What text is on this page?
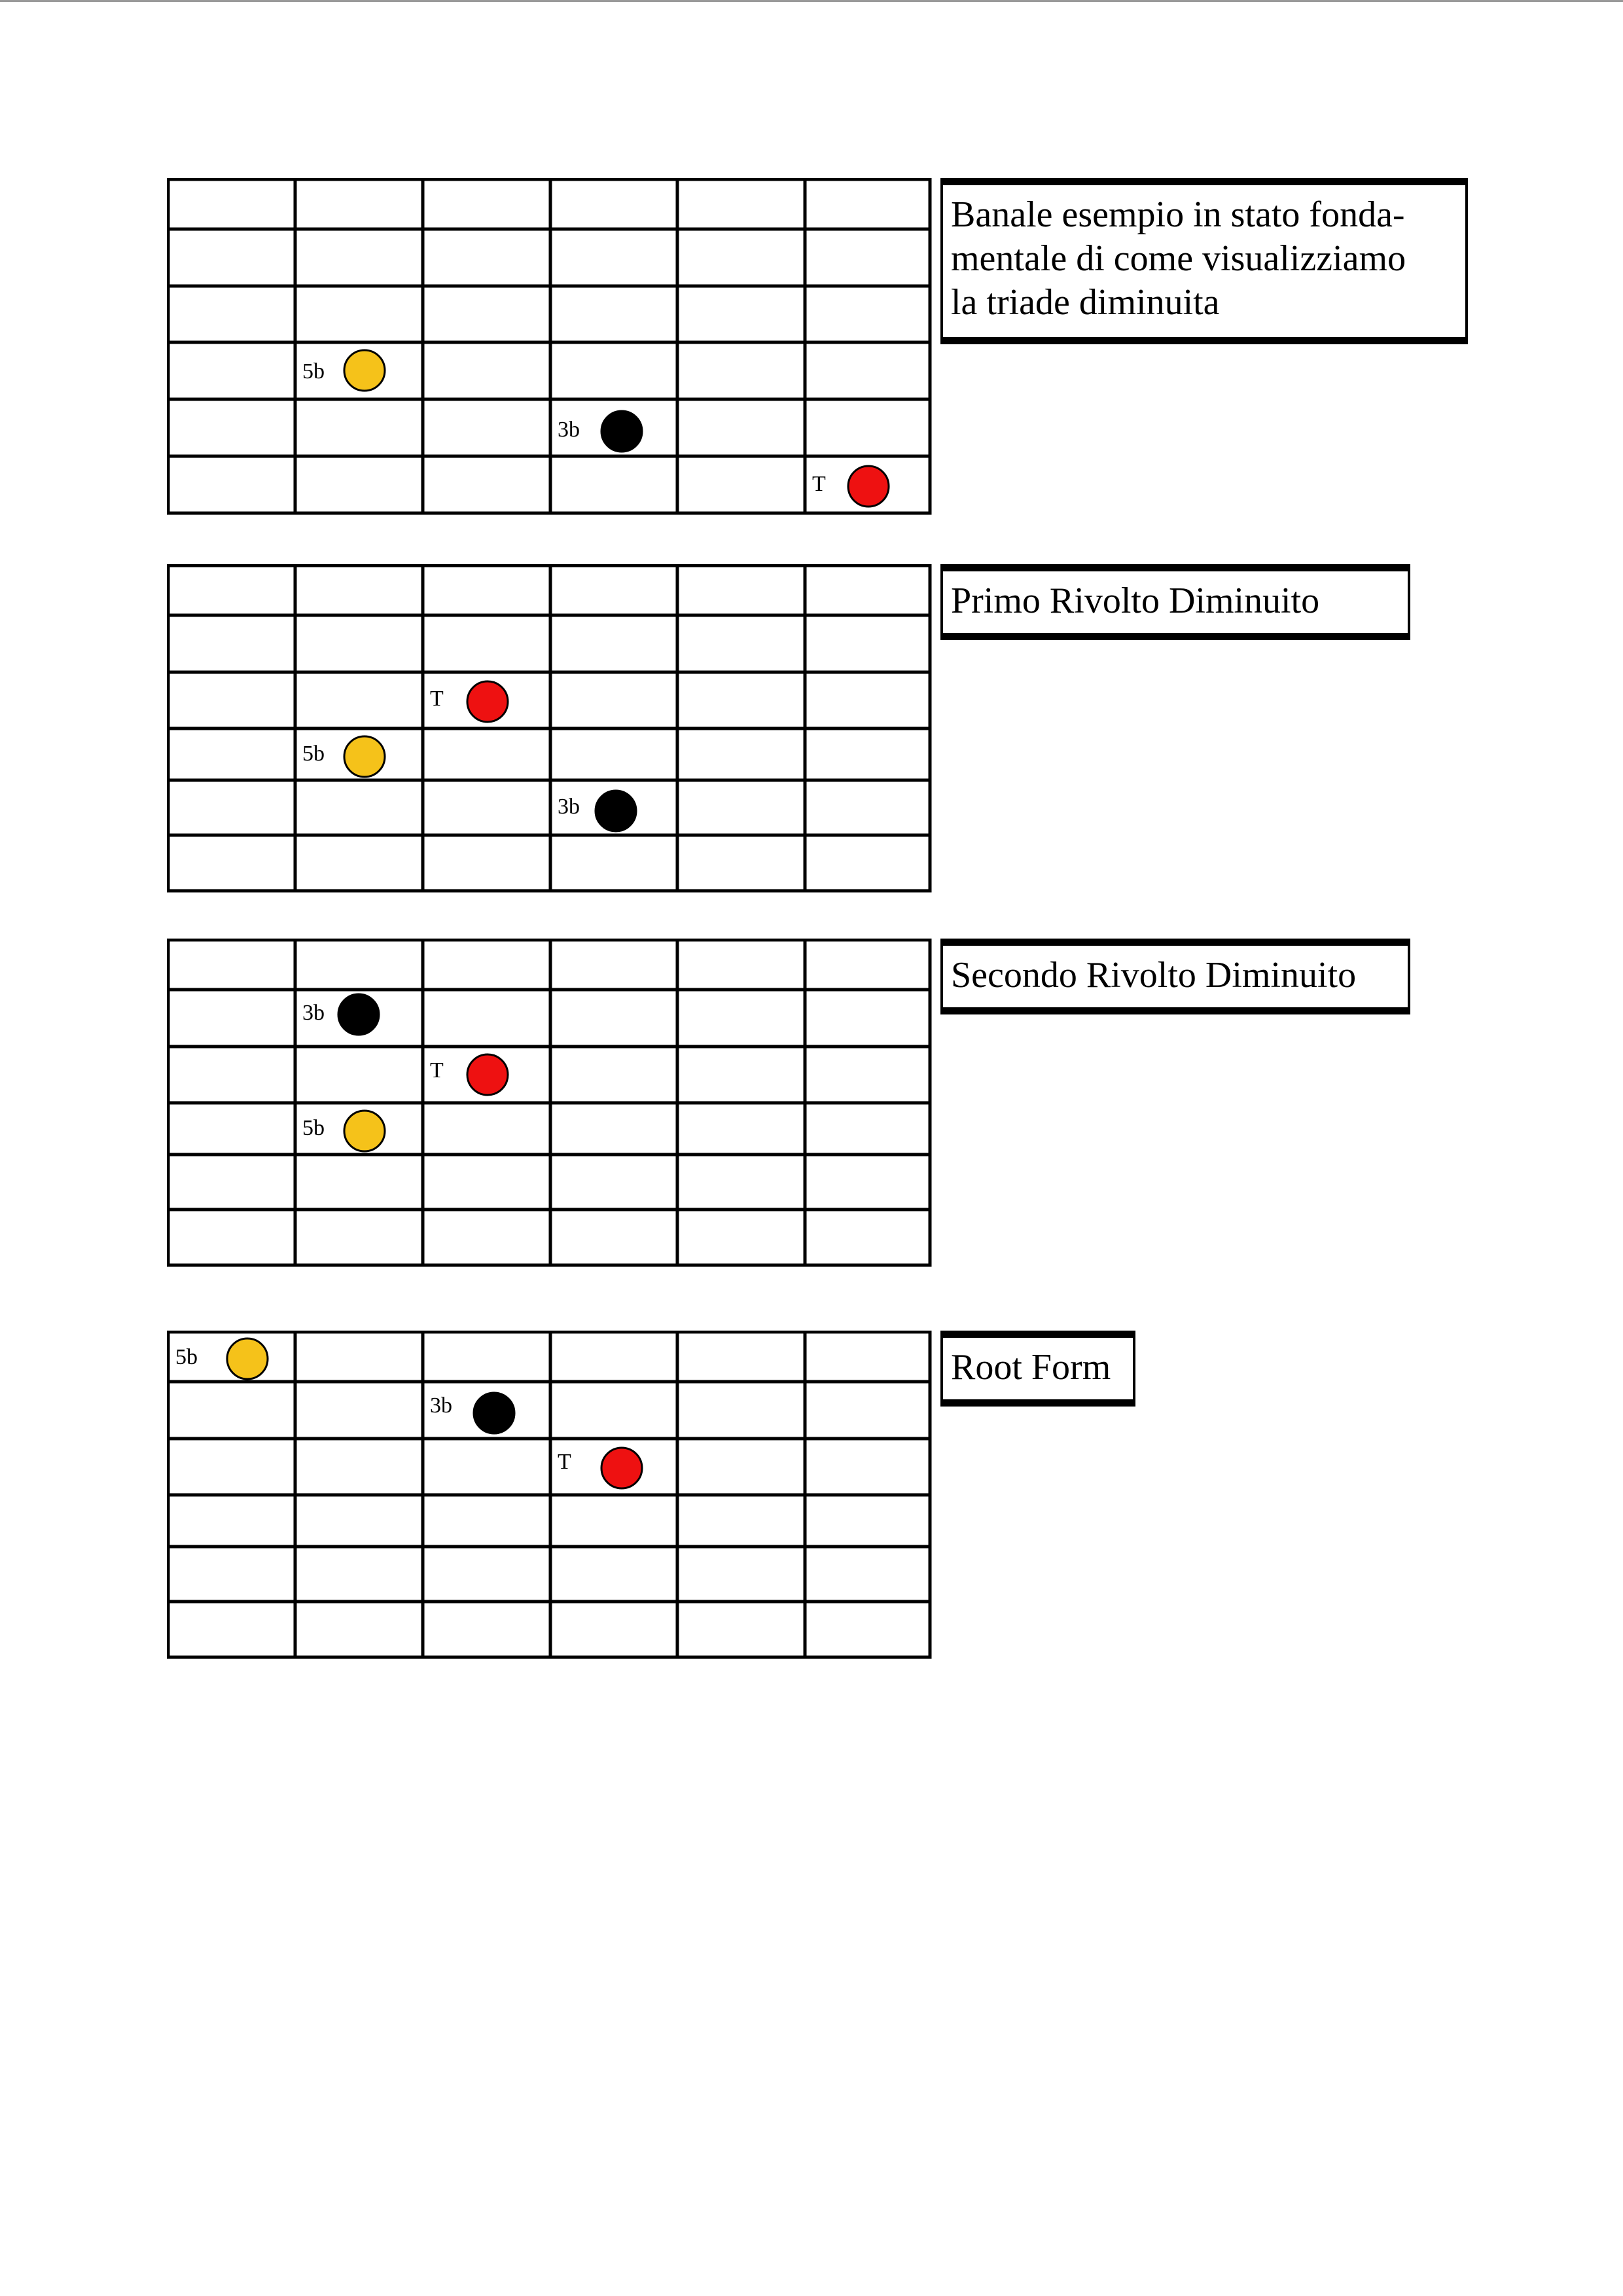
5b
3b
T
Banale esempio in stato fonda-
mentale di come visualizziamo
la triade diminuita
T
5b
3b
Primo Rivolto Diminuito
3b
T
5b
Secondo Rivolto Diminuito
5b
3b
T
Root Form
